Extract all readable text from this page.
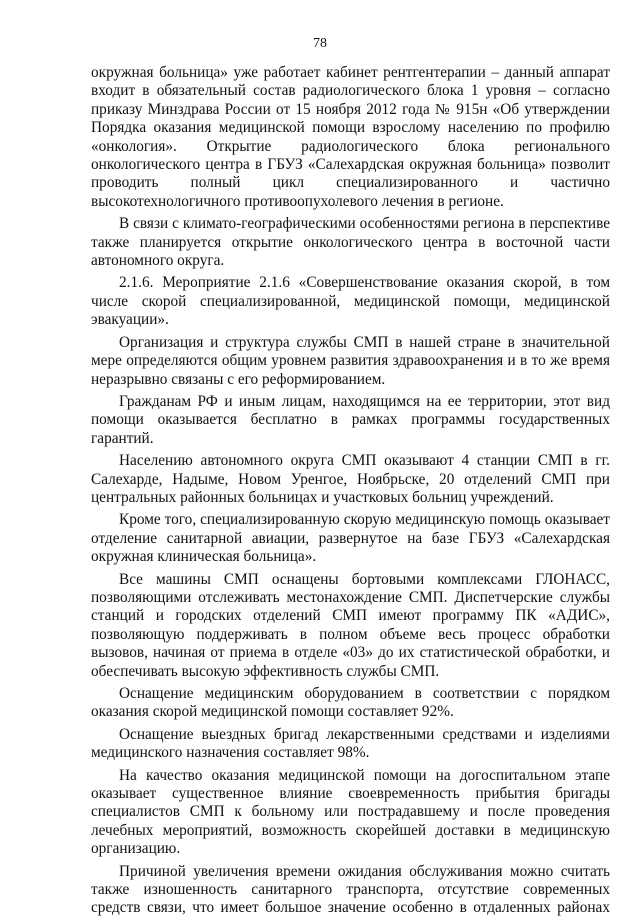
78

окружная больница» уже работает кабинет рентгентерапии – данный аппарат входит в обязательный состав радиологического блока 1 уровня – согласно приказу Минздрава России от 15 ноября 2012 года № 915н «Об утверждении Порядка оказания медицинской помощи взрослому населению по профилю «онкология». Открытие радиологического блока регионального онкологического центра в ГБУЗ «Салехардская окружная больница» позволит проводить полный цикл специализированного и частично высокотехнологичного противоопухолевого лечения в регионе.

В связи с климато-географическими особенностями региона в перспективе также планируется открытие онкологического центра в восточной части автономного округа.

2.1.6. Мероприятие 2.1.6 «Совершенствование оказания скорой, в том числе скорой специализированной, медицинской помощи, медицинской эвакуации».

Организация и структура службы СМП в нашей стране в значительной мере определяются общим уровнем развития здравоохранения и в то же время неразрывно связаны с его реформированием.

Гражданам РФ и иным лицам, находящимся на ее территории, этот вид помощи оказывается бесплатно в рамках программы государственных гарантий.

Населению автономного округа СМП оказывают 4 станции СМП в гг. Салехарде, Надыме, Новом Уренгое, Ноябрьске, 20 отделений СМП при центральных районных больницах и участковых больниц учреждений.

Кроме того, специализированную скорую медицинскую помощь оказывает отделение санитарной авиации, развернутое на базе ГБУЗ «Салехардская окружная клиническая больница».

Все машины СМП оснащены бортовыми комплексами ГЛОНАСС, позволяющими отслеживать местонахождение СМП. Диспетчерские службы станций и городских отделений СМП имеют программу ПК «АДИС», позволяющую поддерживать в полном объеме весь процесс обработки вызовов, начиная от приема в отделе «03» до их статистической обработки, и обеспечивать высокую эффективность службы СМП.

Оснащение медицинским оборудованием в соответствии с порядком оказания скорой медицинской помощи составляет 92%.

Оснащение выездных бригад лекарственными средствами и изделиями медицинского назначения составляет 98%.

На качество оказания медицинской помощи на догоспитальном этапе оказывает существенное влияние своевременность прибытия бригады специалистов СМП к больному или пострадавшему и после проведения лечебных мероприятий, возможность скорейшей доставки в медицинскую организацию.

Причиной увеличения времени ожидания обслуживания можно считать также изношенность санитарного транспорта, отсутствие современных средств связи, что имеет большое значение особенно в отдаленных районах
